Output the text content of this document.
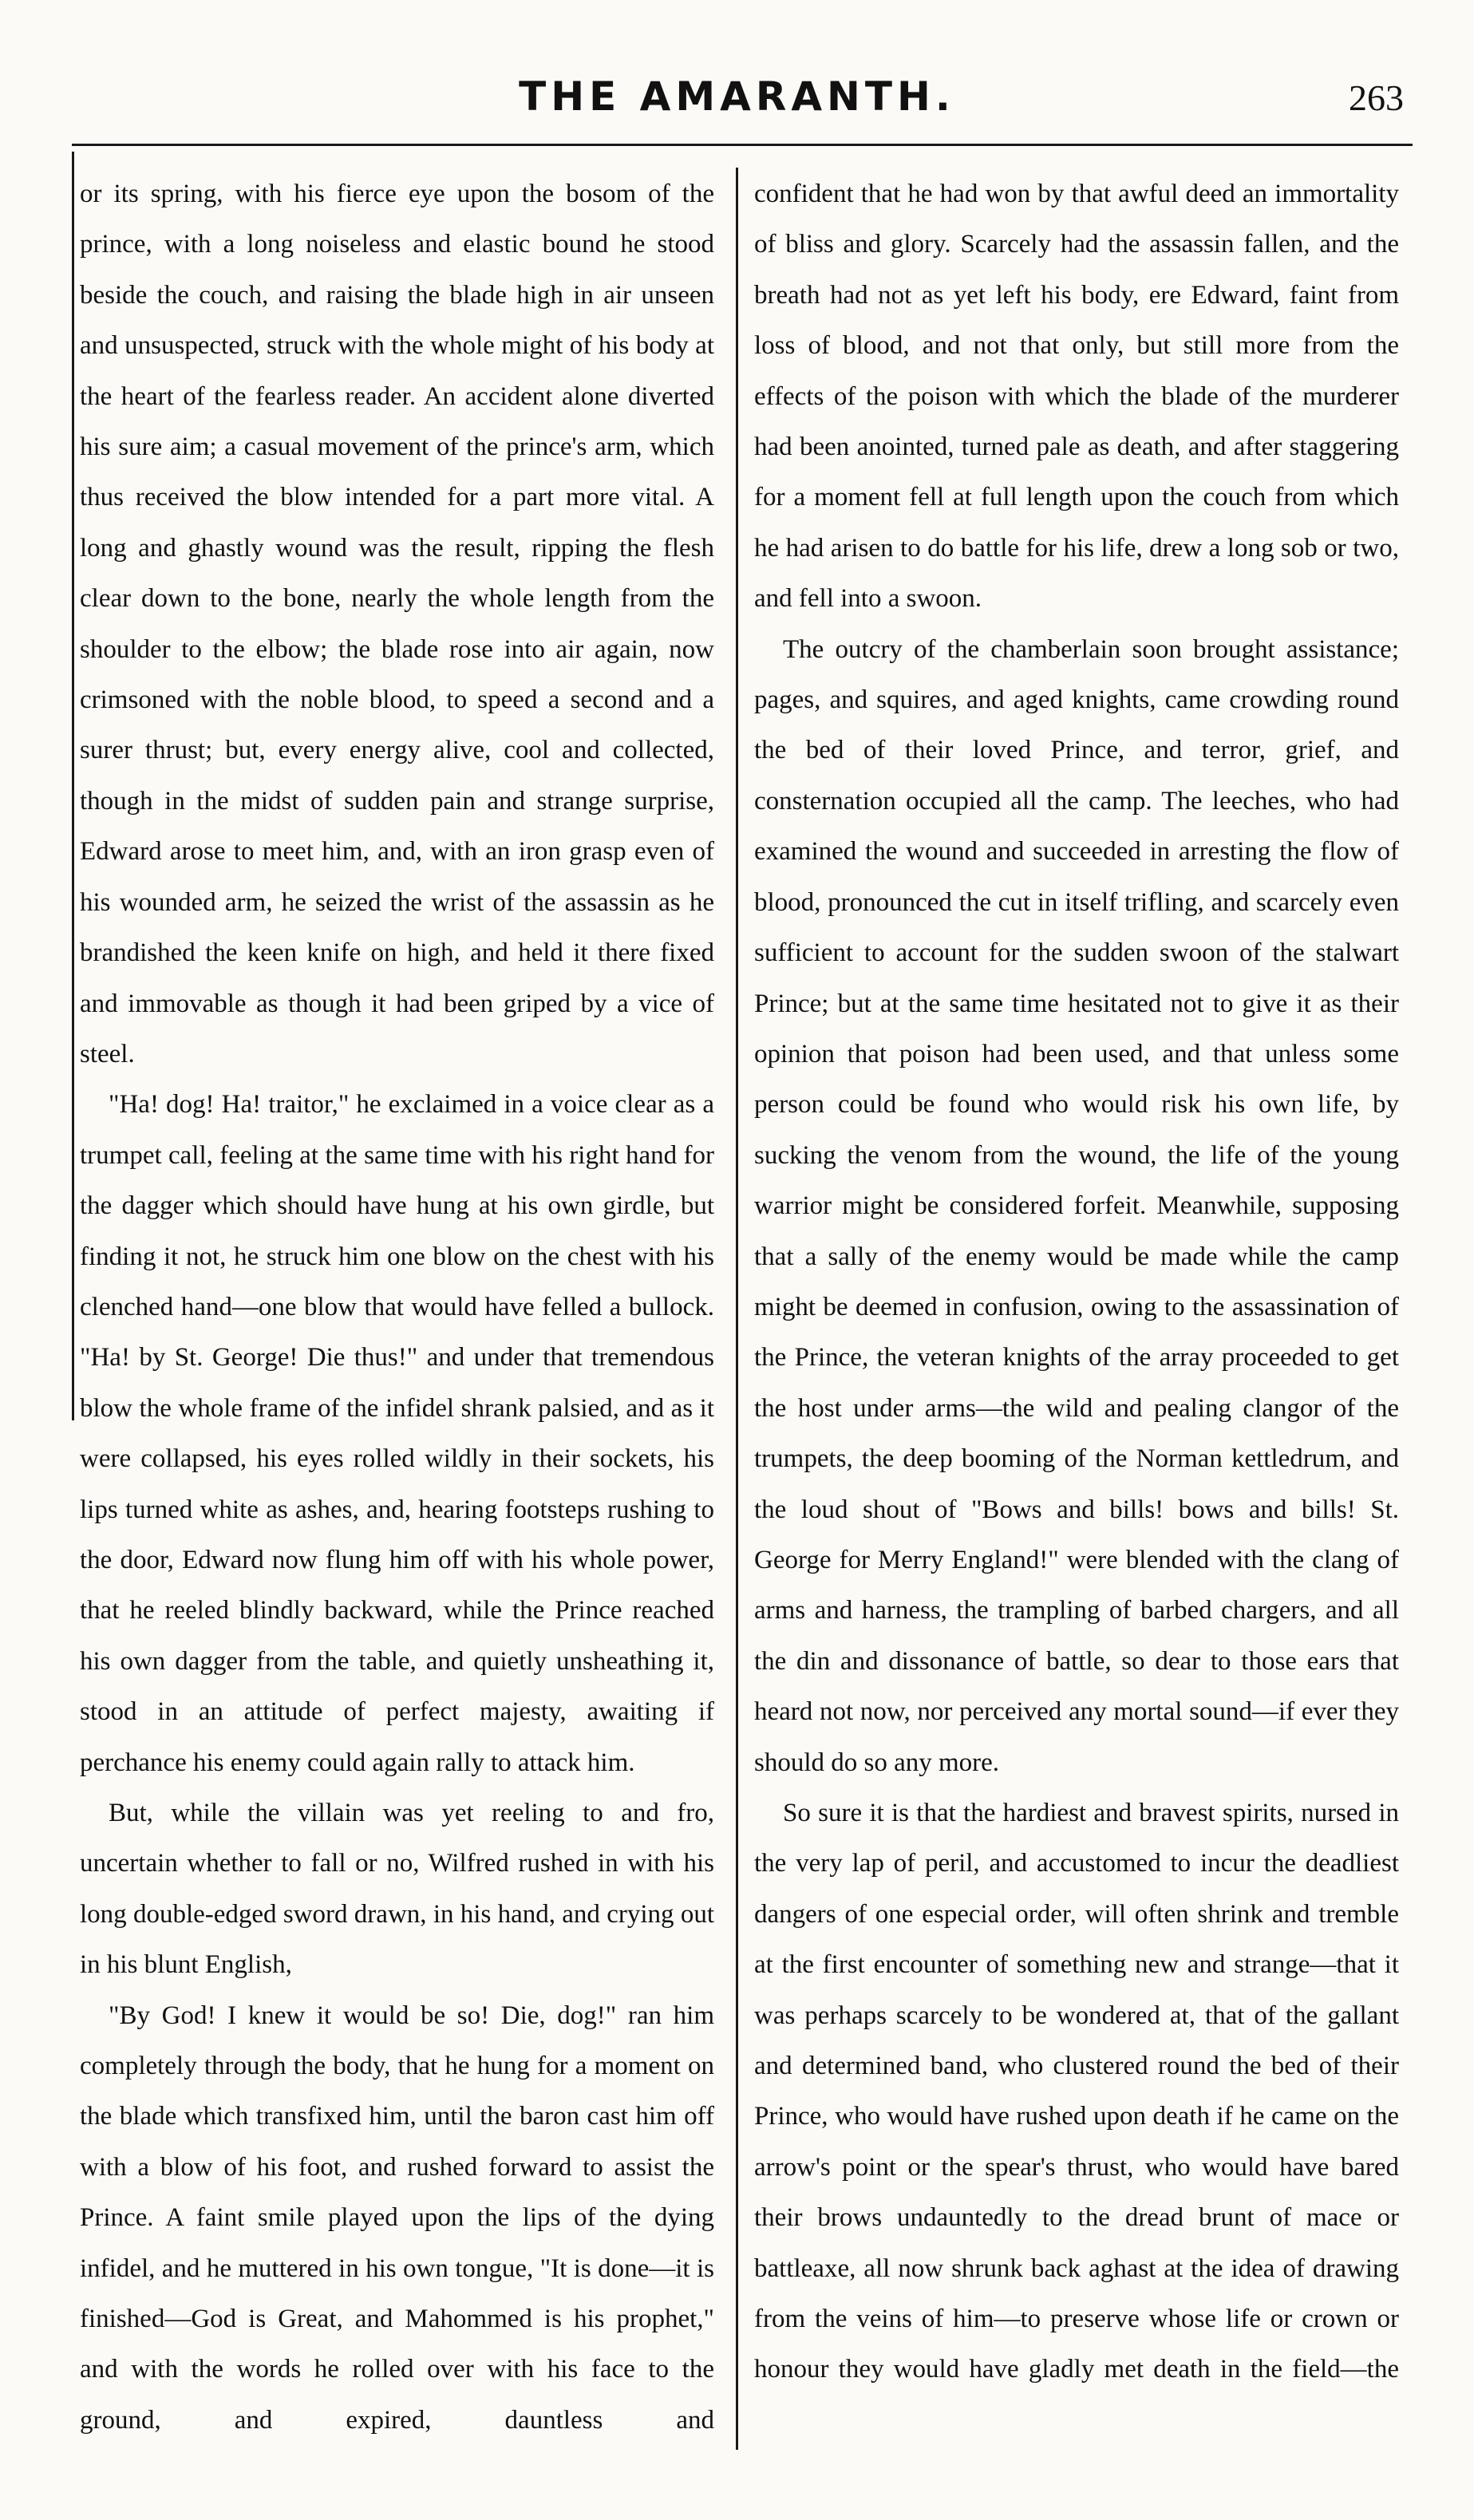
THE AMARANTH.	263

or its spring, with his fierce eye upon the bosom of the prince, with a long noiseless and elastic bound he stood beside the couch, and raising the blade high in air unseen and unsuspected, struck with the whole might of his body at the heart of the fearless reader. An accident alone diverted his sure aim; a casual movement of the prince's arm, which thus received the blow intended for a part more vital. A long and ghastly wound was the result, ripping the flesh clear down to the bone, nearly the whole length from the shoulder to the elbow; the blade rose into air again, now crimsoned with the noble blood, to speed a second and a surer thrust; but, every energy alive, cool and collected, though in the midst of sudden pain and strange surprise, Edward arose to meet him, and, with an iron grasp even of his wounded arm, he seized the wrist of the assassin as he brandished the keen knife on high, and held it there fixed and immovable as though it had been griped by a vice of steel.

"Ha! dog! Ha! traitor," he exclaimed in a voice clear as a trumpet call, feeling at the same time with his right hand for the dagger which should have hung at his own girdle, but finding it not, he struck him one blow on the chest with his clenched hand—one blow that would have felled a bullock. "Ha! by St. George! Die thus!" and under that tremendous blow the whole frame of the infidel shrank palsied, and as it were collapsed, his eyes rolled wildly in their sockets, his lips turned white as ashes, and, hearing footsteps rushing to the door, Edward now flung him off with his whole power, that he reeled blindly backward, while the Prince reached his own dagger from the table, and quietly unsheathing it, stood in an attitude of perfect majesty, awaiting if perchance his enemy could again rally to attack him.

But, while the villain was yet reeling to and fro, uncertain whether to fall or no, Wilfred rushed in with his long double-edged sword drawn, in his hand, and crying out in his blunt English,

"By God! I knew it would be so! Die, dog!" ran him completely through the body, that he hung for a moment on the blade which transfixed him, until the baron cast him off with a blow of his foot, and rushed forward to assist the Prince. A faint smile played upon the lips of the dying infidel, and he muttered in his own tongue, "It is done—it is finished—God is Great, and Mahommed is his prophet," and with the words he rolled over with his face to the ground, and expired, dauntless and

confident that he had won by that awful deed an immortality of bliss and glory. Scarcely had the assassin fallen, and the breath had not as yet left his body, ere Edward, faint from loss of blood, and not that only, but still more from the effects of the poison with which the blade of the murderer had been anointed, turned pale as death, and after staggering for a moment fell at full length upon the couch from which he had arisen to do battle for his life, drew a long sob or two, and fell into a swoon.

The outcry of the chamberlain soon brought assistance; pages, and squires, and aged knights, came crowding round the bed of their loved Prince, and terror, grief, and consternation occupied all the camp. The leeches, who had examined the wound and succeeded in arresting the flow of blood, pronounced the cut in itself trifling, and scarcely even sufficient to account for the sudden swoon of the stalwart Prince; but at the same time hesitated not to give it as their opinion that poison had been used, and that unless some person could be found who would risk his own life, by sucking the venom from the wound, the life of the young warrior might be considered forfeit. Meanwhile, supposing that a sally of the enemy would be made while the camp might be deemed in confusion, owing to the assassination of the Prince, the veteran knights of the array proceeded to get the host under arms—the wild and pealing clangor of the trumpets, the deep booming of the Norman kettledrum, and the loud shout of "Bows and bills! bows and bills! St. George for Merry England!" were blended with the clang of arms and harness, the trampling of barbed chargers, and all the din and dissonance of battle, so dear to those ears that heard not now, nor perceived any mortal sound—if ever they should do so any more.

So sure it is that the hardiest and bravest spirits, nursed in the very lap of peril, and accustomed to incur the deadliest dangers of one especial order, will often shrink and tremble at the first encounter of something new and strange—that it was perhaps scarcely to be wondered at, that of the gallant and determined band, who clustered round the bed of their Prince, who would have rushed upon death if he came on the arrow's point or the spear's thrust, who would have bared their brows undauntedly to the dread brunt of mace or battleaxe, all now shrunk back aghast at the idea of drawing from the veins of him—to preserve whose life or crown or honour they would have gladly met death in the field—the
